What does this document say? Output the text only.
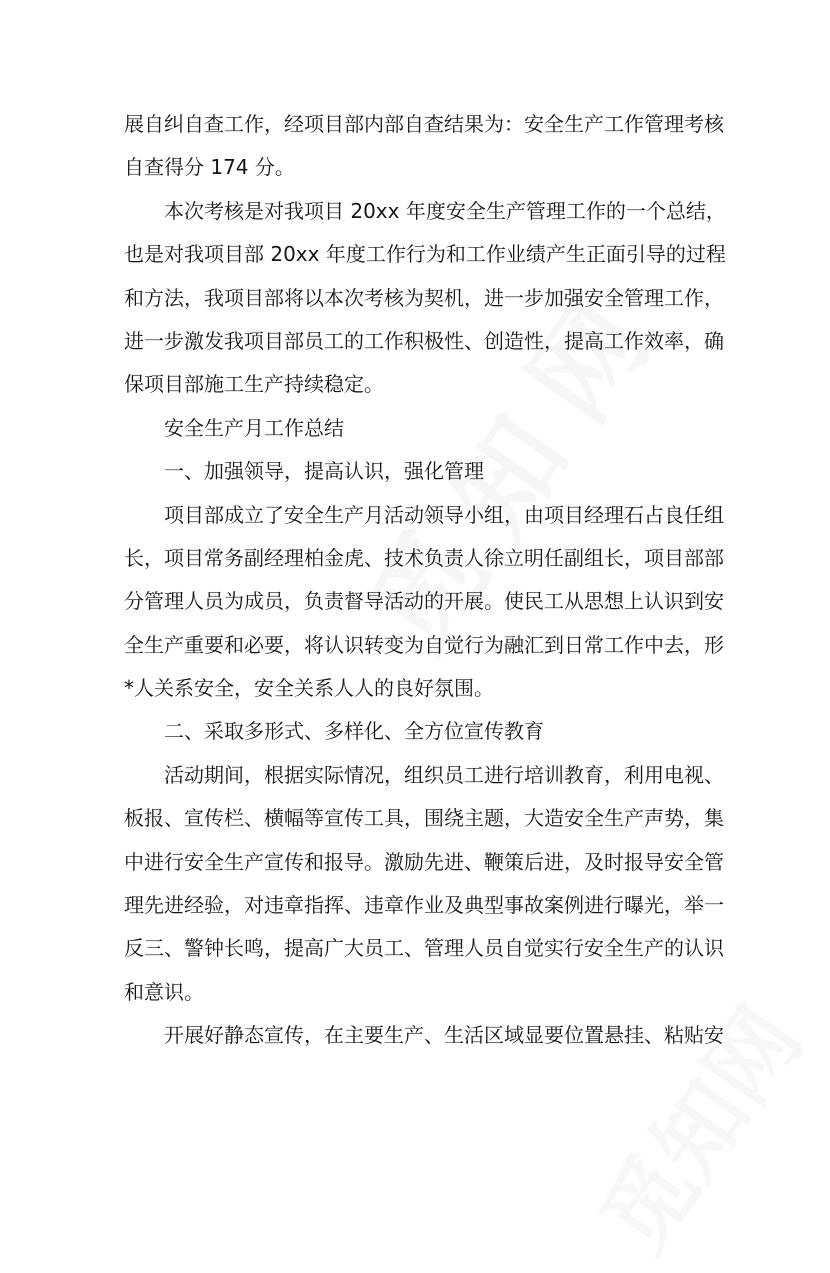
展自纠自查工作，经项目部内部自查结果为：安全生产工作管理考核
自查得分 174 分。
本次考核是对我项目 20xx 年度安全生产管理工作的一个总结，
也是对我项目部 20xx 年度工作行为和工作业绩产生正面引导的过程
和方法，我项目部将以本次考核为契机，进一步加强安全管理工作，
进一步激发我项目部员工的工作积极性、创造性，提高工作效率，确
保项目部施工生产持续稳定。
安全生产月工作总结
一、加强领导，提高认识，强化管理
项目部成立了安全生产月活动领导小组，由项目经理石占良任组
长，项目常务副经理柏金虎、技术负责人徐立明任副组长，项目部部
分管理人员为成员，负责督导活动的开展。使民工从思想上认识到安
全生产重要和必要，将认识转变为自觉行为融汇到日常工作中去，形
*人关系安全，安全关系人人的良好氛围。
二、采取多形式、多样化、全方位宣传教育
活动期间，根据实际情况，组织员工进行培训教育，利用电视、
板报、宣传栏、横幅等宣传工具，围绕主题，大造安全生产声势，集
中进行安全生产宣传和报导。激励先进、鞭策后进，及时报导安全管
理先进经验，对违章指挥、违章作业及典型事故案例进行曝光，举一
反三、警钟长鸣，提高广大员工、管理人员自觉实行安全生产的认识
和意识。
开展好静态宣传，在主要生产、生活区域显要位置悬挂、粘贴安
